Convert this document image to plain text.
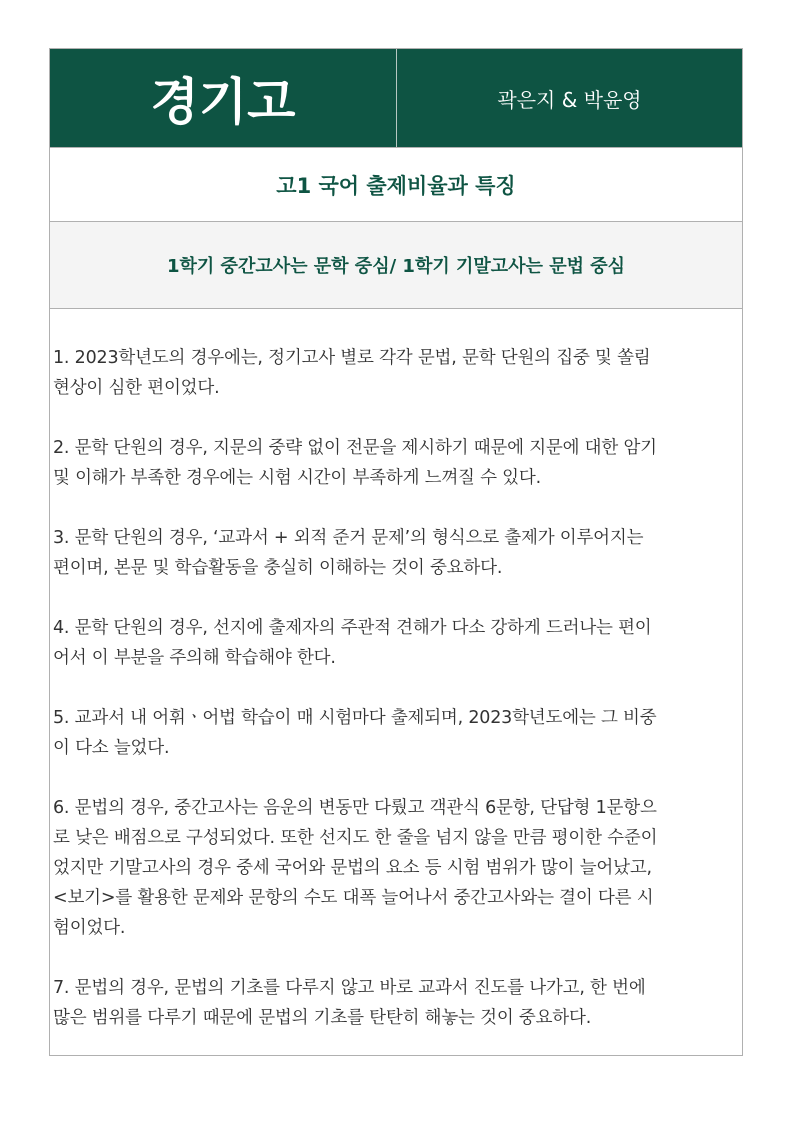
경기고	곽은지 & 박윤영
고1 국어 출제비율과 특징
1학기 중간고사는 문학 중심/ 1학기 기말고사는 문법 중심

1. 2023학년도의 경우에는, 정기고사 별로 각각 문법, 문학 단원의 집중 및 쏠림
현상이 심한 편이었다.

2. 문학 단원의 경우, 지문의 중략 없이 전문을 제시하기 때문에 지문에 대한 암기
및 이해가 부족한 경우에는 시험 시간이 부족하게 느껴질 수 있다.

3. 문학 단원의 경우, ‘교과서 + 외적 준거 문제’의 형식으로 출제가 이루어지는
편이며, 본문 및 학습활동을 충실히 이해하는 것이 중요하다.

4. 문학 단원의 경우, 선지에 출제자의 주관적 견해가 다소 강하게 드러나는 편이
어서 이 부분을 주의해 학습해야 한다.

5. 교과서 내 어휘ㆍ어법 학습이 매 시험마다 출제되며, 2023학년도에는 그 비중
이 다소 늘었다.

6. 문법의 경우, 중간고사는 음운의 변동만 다뤘고 객관식 6문항, 단답형 1문항으
로 낮은 배점으로 구성되었다. 또한 선지도 한 줄을 넘지 않을 만큼 평이한 수준이
었지만 기말고사의 경우 중세 국어와 문법의 요소 등 시험 범위가 많이 늘어났고,
<보기>를 활용한 문제와 문항의 수도 대폭 늘어나서 중간고사와는 결이 다른 시
험이었다.

7. 문법의 경우, 문법의 기초를 다루지 않고 바로 교과서 진도를 나가고, 한 번에
많은 범위를 다루기 때문에 문법의 기초를 탄탄히 해놓는 것이 중요하다.
